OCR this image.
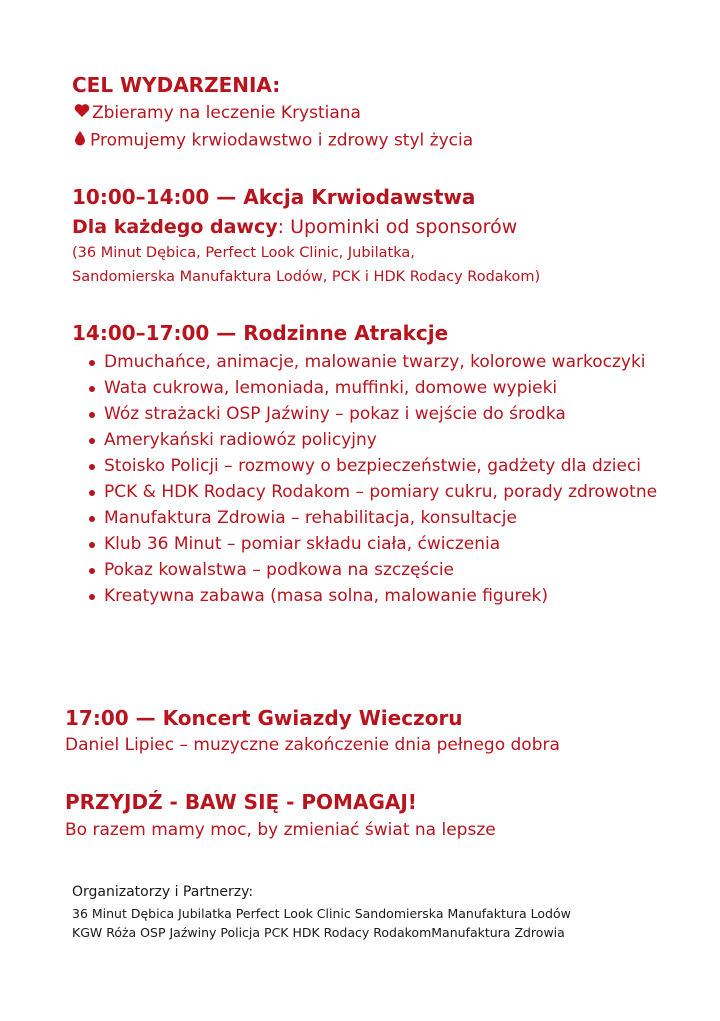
CEL WYDARZENIA:
Zbieramy na leczenie Krystiana
Promujemy krwiodawstwo i zdrowy styl życia
10:00–14:00 — Akcja Krwiodawstwa
Dla każdego dawcy: Upominki od sponsorów
(36 Minut Dębica, Perfect Look Clinic, Jubilatka,
Sandomierska Manufaktura Lodów, PCK i HDK Rodacy Rodakom)
14:00–17:00 — Rodzinne Atrakcje
Dmuchańce, animacje, malowanie twarzy, kolorowe warkoczyki
Wata cukrowa, lemoniada, muffinki, domowe wypieki
Wóz strażacki OSP Jaźwiny – pokaz i wejście do środka
Amerykański radiowóz policyjny
Stoisko Policji – rozmowy o bezpieczeństwie, gadżety dla dzieci
PCK & HDK Rodacy Rodakom – pomiary cukru, porady zdrowotne
Manufaktura Zdrowia – rehabilitacja, konsultacje
Klub 36 Minut – pomiar składu ciała, ćwiczenia
Pokaz kowalstwa – podkowa na szczęście
Kreatywna zabawa (masa solna, malowanie figurek)
17:00 — Koncert Gwiazdy Wieczoru
Daniel Lipiec – muzyczne zakończenie dnia pełnego dobra
PRZYJDŹ - BAW SIĘ - POMAGAJ!
Bo razem mamy moc, by zmieniać świat na lepsze
Organizatorzy i Partnerzy:
36 Minut Dębica Jubilatka Perfect Look Clinic Sandomierska Manufaktura Lodów
KGW Róża OSP Jaźwiny Policja PCK HDK Rodacy RodakomManufaktura Zdrowia
